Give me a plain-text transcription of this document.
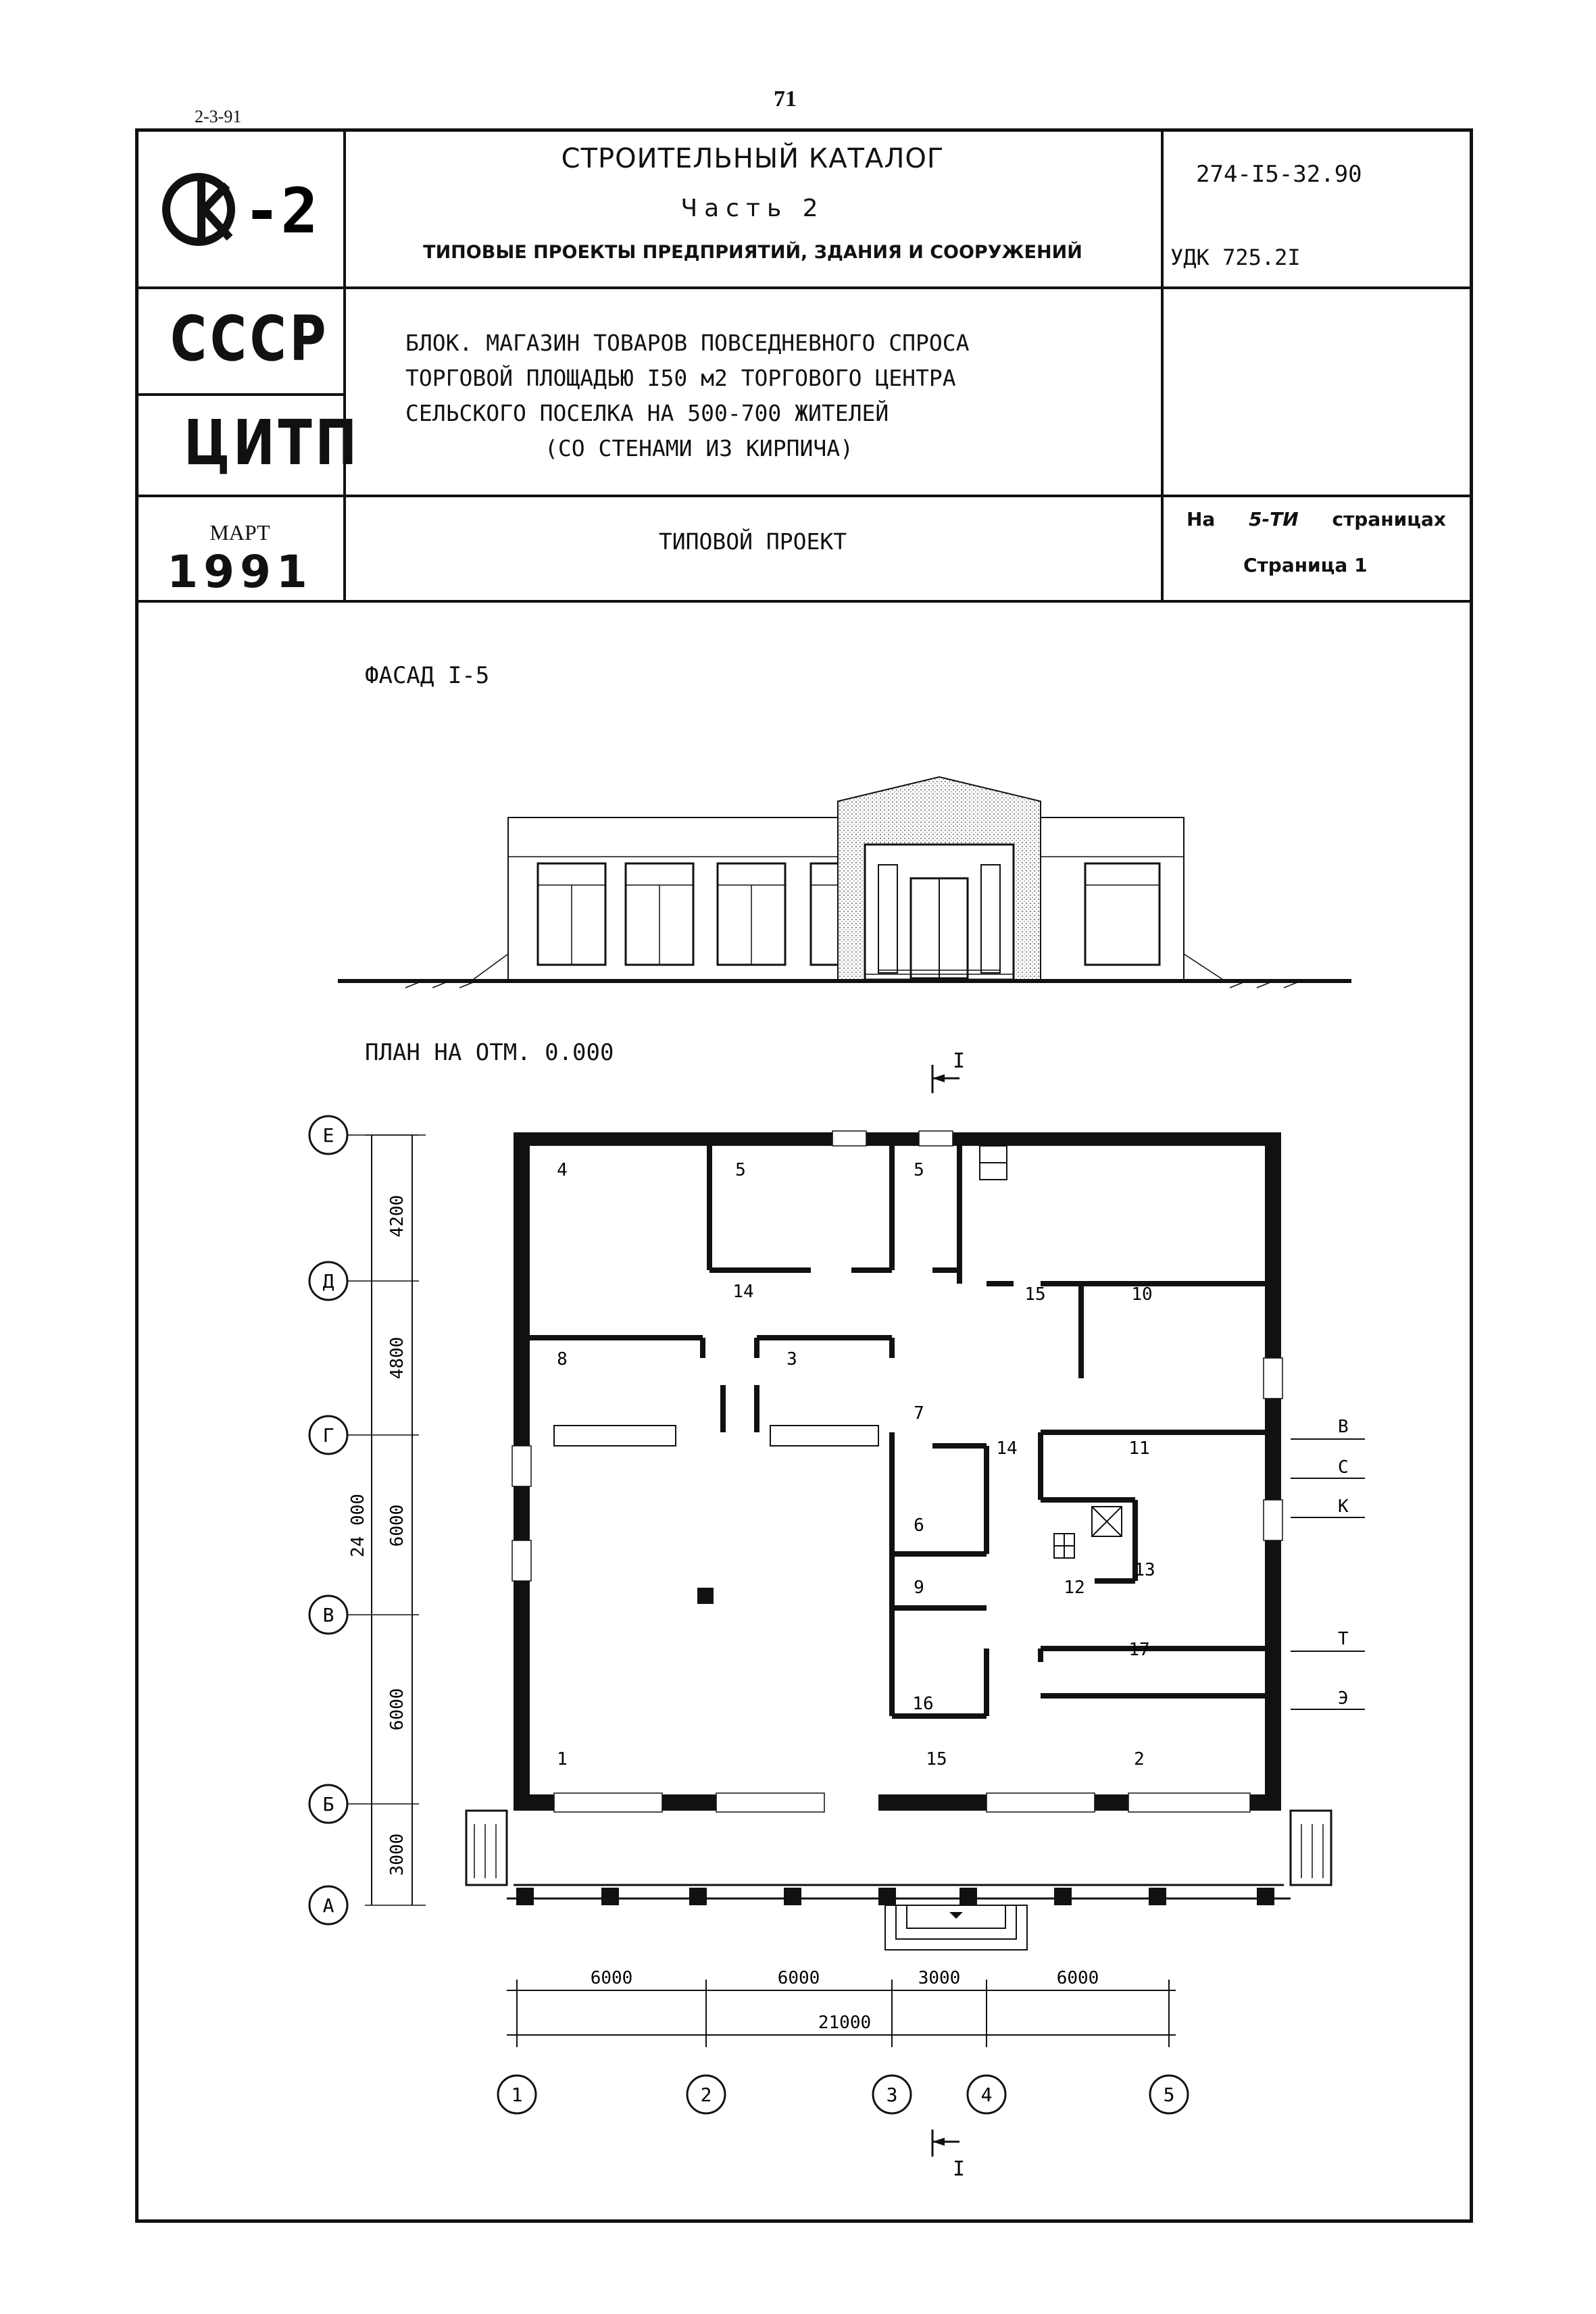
71
2-3-91
-2
СТРОИТЕЛЬНЫЙ КАТАЛОГ
Часть 2
ТИПОВЫЕ ПРОЕКТЫ ПРЕДПРИЯТИЙ, ЗДАНИЯ И СООРУЖЕНИЙ
274-I5-32.90
УДК 725.2I
СССР
ЦИТП
БЛОК. МАГАЗИН ТОВАРОВ ПОВСЕДНЕВНОГО СПРОСА
ТОРГОВОЙ ПЛОЩАДЬЮ I50 м2 ТОРГОВОГО ЦЕНТРА
СЕЛЬСКОГО ПОСЕЛКА НА 500-700 ЖИТЕЛЕЙ
(СО СТЕНАМИ ИЗ КИРПИЧА)
МАРТ
1991
ТИПОВОЙ ПРОЕКТ
На 5-ТИ страницах
Страница 1
ФАСАД I-5
ПЛАН НА ОТМ. 0.000	I
Е
Д
Г
В
Б
А
4200
4800
6000
6000
3000
24 000
4	5	5
14	15	10
8	3
7
14	11
6
9	12
13
17
16
1	15	2
В
С
К
Т
Э
6000	6000	3000	6000
21000
1	2	3	4	5
I
